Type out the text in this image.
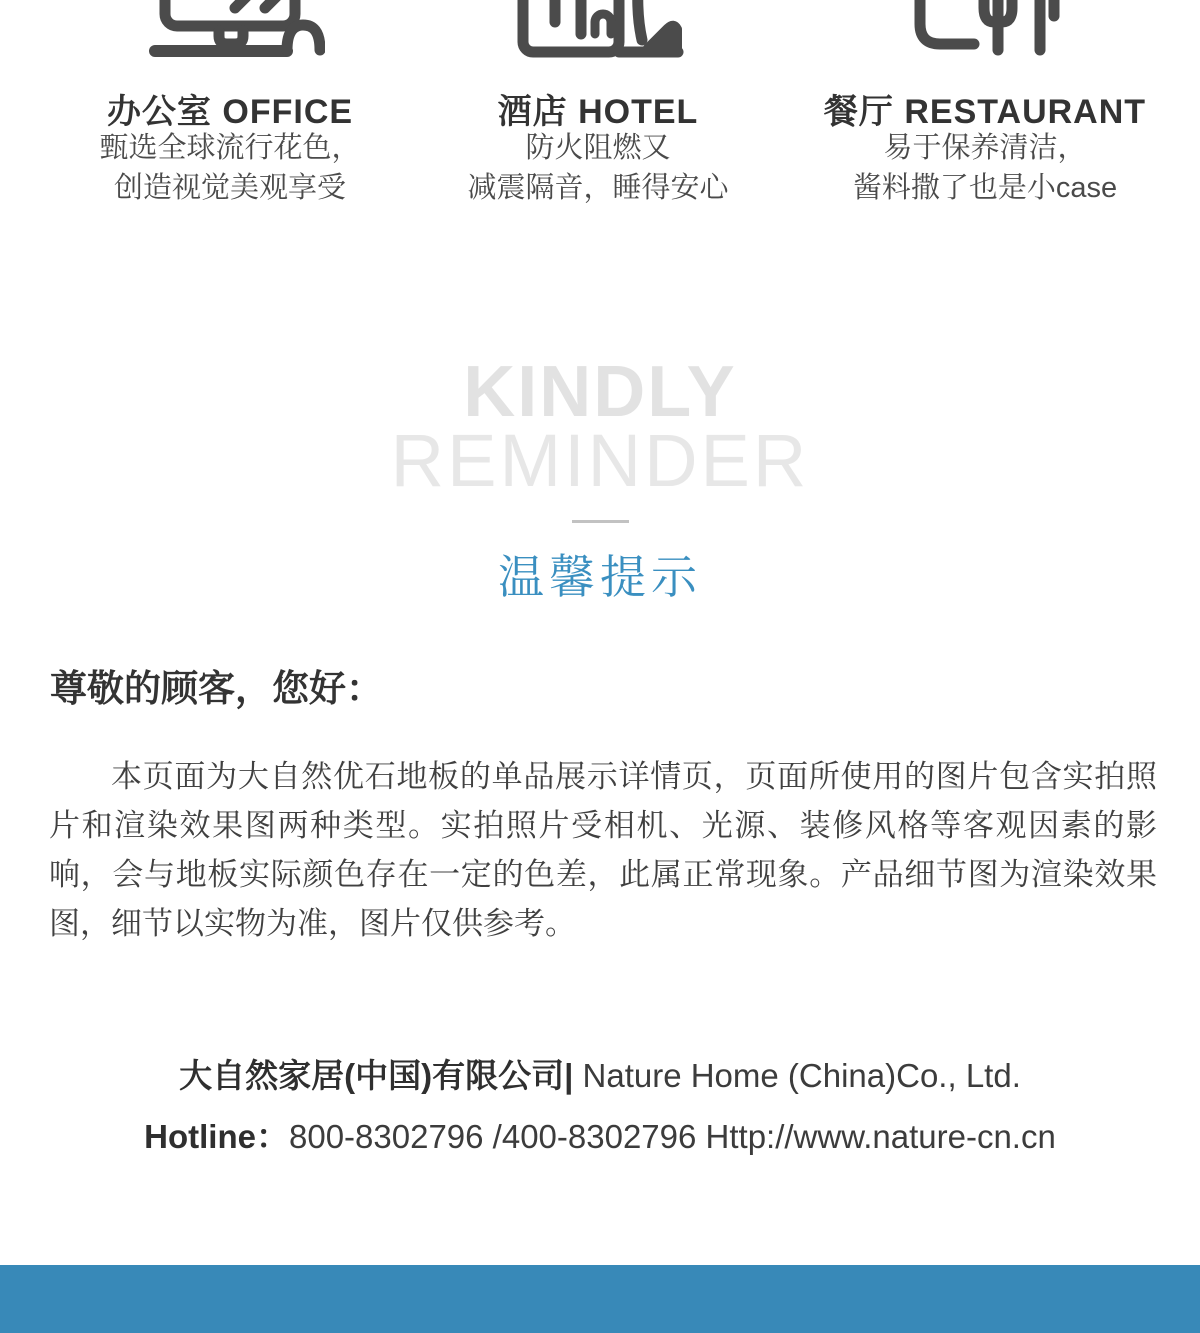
办公室 OFFICE
甄选全球流行花色，
创造视觉美观享受
酒店 HOTEL
防火阻燃又
减震隔音，睡得安心
餐厅 RESTAURANT
易于保养清洁，
酱料撒了也是小case
KINDLY
REMINDER
温馨提示
尊敬的顾客，您好：
本页面为大自然优石地板的单品展示详情页，页面所使用的图片包含实拍照片和渲染效果图两种类型。实拍照片受相机、光源、装修风格等客观因素的影响，会与地板实际颜色存在一定的色差，此属正常现象。产品细节图为渲染效果图，细节以实物为准，图片仅供参考。
大自然家居(中国)有限公司| Nature Home (China)Co., Ltd.
Hotline：800-8302796 /400-8302796 Http://www.nature-cn.cn
